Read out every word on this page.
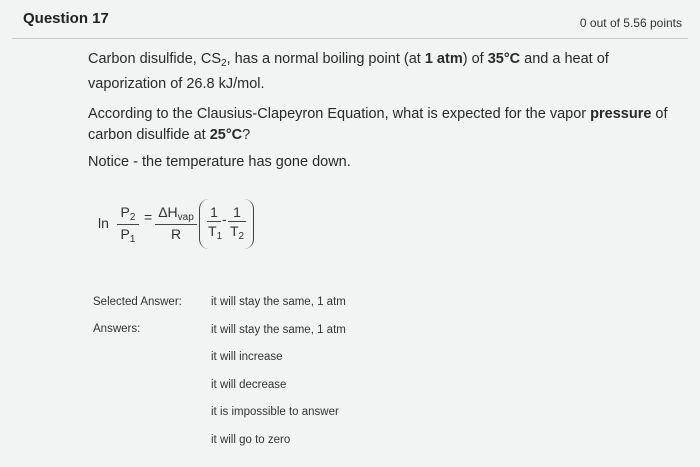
Question 17	0 out of 5.56 points
Carbon disulfide, $CS_2$, has a normal boiling point (at 1 atm) of 35°C and a heat of vaporization of 26.8 kJ/mol.
According to the Clausius-Clapeyron Equation, what is expected for the vapor pressure of carbon disulfide at 25°C?
Notice - the temperature has gone down.
ln
$P_2$
$P_1$
= $\Delta H_{vap}$
R
1
$T_1$
- 1
$T_2$
Selected Answer:	it will stay the same, 1 atm
Answers:	it will stay the same, 1 atm
it will increase
it will decrease
it is impossible to answer
it will go to zero
